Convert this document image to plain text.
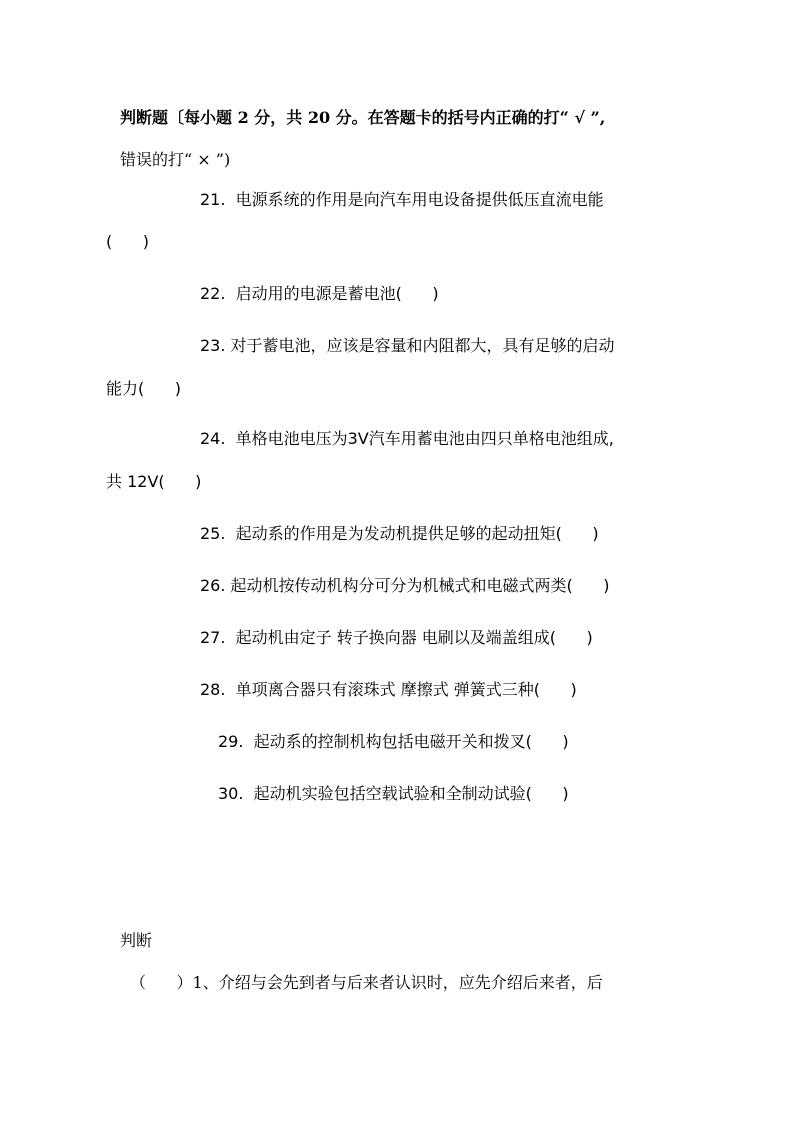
判断题〔每小题 2 分，共 20 分。在答题卡的括号内正确的打“ √ ”,
错误的打“ × ”)
21.  电源系统的作用是向汽车用电设备提供低压直流电能
(      )
22.  启动用的电源是蓄电池(      )
23. 对于蓄电池，应该是容量和内阻都大，具有足够的启动
能力(      )
24.  单格电池电压为3V汽车用蓄电池由四只单格电池组成,
共 12V(      )
25.  起动系的作用是为发动机提供足够的起动扭矩(      )
26. 起动机按传动机构分可分为机械式和电磁式两类(      )
27.  起动机由定子 转子换向器 电刷以及端盖组成(      )
28.  单项离合器只有滚珠式 摩擦式 弹簧式三种(      )
29.  起动系的控制机构包括电磁开关和拨叉(      )
30.  起动机实验包括空载试验和全制动试验(      )
判断
（      ）1、介绍与会先到者与后来者认识时，应先介绍后来者，后
